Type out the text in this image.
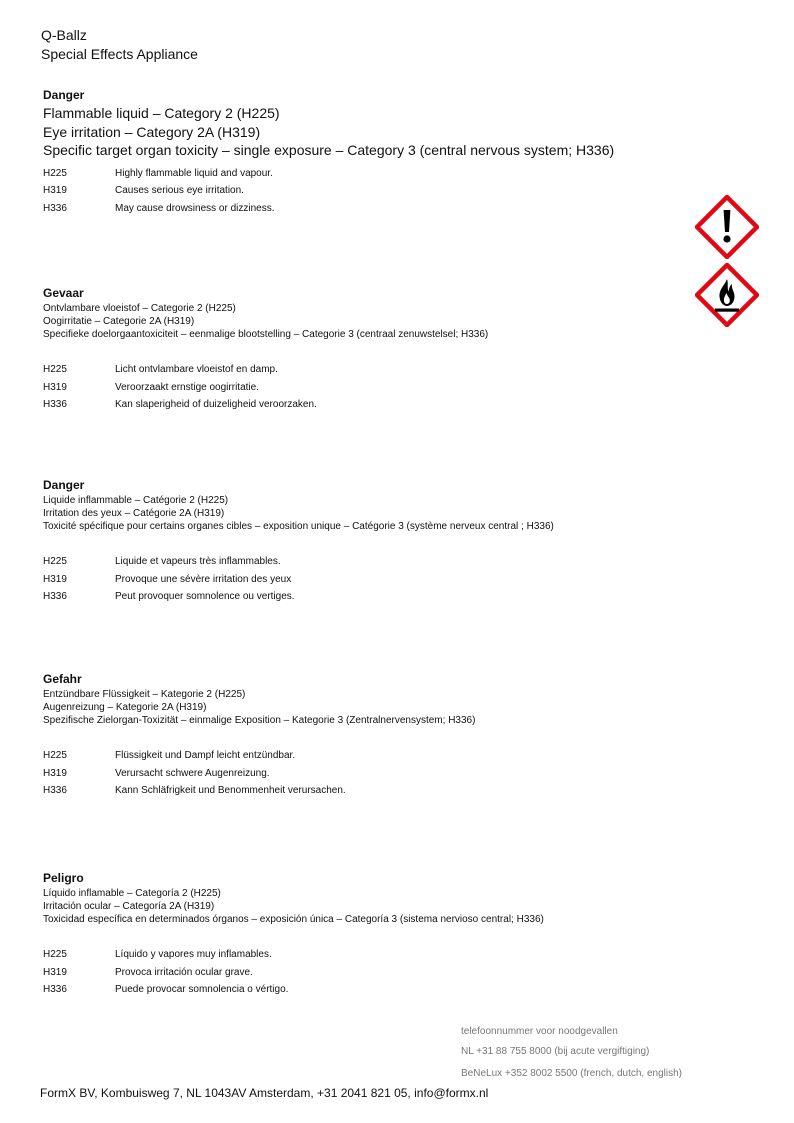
Q-Ballz
Special Effects Appliance
Danger
Flammable liquid – Category 2 (H225)
Eye irritation – Category 2A (H319)
Specific target organ toxicity – single exposure – Category 3 (central nervous system; H336)
H225	Highly flammable liquid and vapour.
H319	Causes serious eye irritation.
H336	May cause drowsiness or dizziness.
Gevaar
Ontvlambare vloeistof – Categorie 2 (H225)
Oogirritatie – Categorie 2A (H319)
Specifieke doelorgaantoxiciteit – eenmalige blootstelling – Categorie 3 (centraal zenuwstelsel; H336)
H225	Licht ontvlambare vloeistof en damp.
H319	Veroorzaakt ernstige oogirritatie.
H336	Kan slaperigheid of duizeligheid veroorzaken.
Danger
Liquide inflammable – Catégorie 2 (H225)
Irritation des yeux – Catégorie 2A (H319)
Toxicité spécifique pour certains organes cibles – exposition unique – Catégorie 3 (système nerveux central ; H336)
H225	Liquide et vapeurs très inflammables.
H319	Provoque une sévère irritation des yeux
H336	Peut provoquer somnolence ou vertiges.
Gefahr
Entzündbare Flüssigkeit – Kategorie 2 (H225)
Augenreizung – Kategorie 2A (H319)
Spezifische Zielorgan-Toxizität – einmalige Exposition – Kategorie 3 (Zentralnervensystem; H336)
H225	Flüssigkeit und Dampf leicht entzündbar.
H319	Verursacht schwere Augenreizung.
H336	Kann Schläfrigkeit und Benommenheit verursachen.
Peligro
Líquido inflamable – Categoría 2 (H225)
Irritación ocular – Categoría 2A (H319)
Toxicidad específica en determinados órganos – exposición única – Categoría 3 (sistema nervioso central; H336)
H225	Líquido y vapores muy inflamables.
H319	Provoca irritación ocular grave.
H336	Puede provocar somnolencia o vértigo.
telefoonnummer voor noodgevallen
NL +31 88 755 8000 (bij acute vergiftiging)
BeNeLux +352 8002 5500 (french, dutch, english)
FormX BV, Kombuisweg 7, NL 1043AV Amsterdam, +31 2041 821 05, info@formx.nl
